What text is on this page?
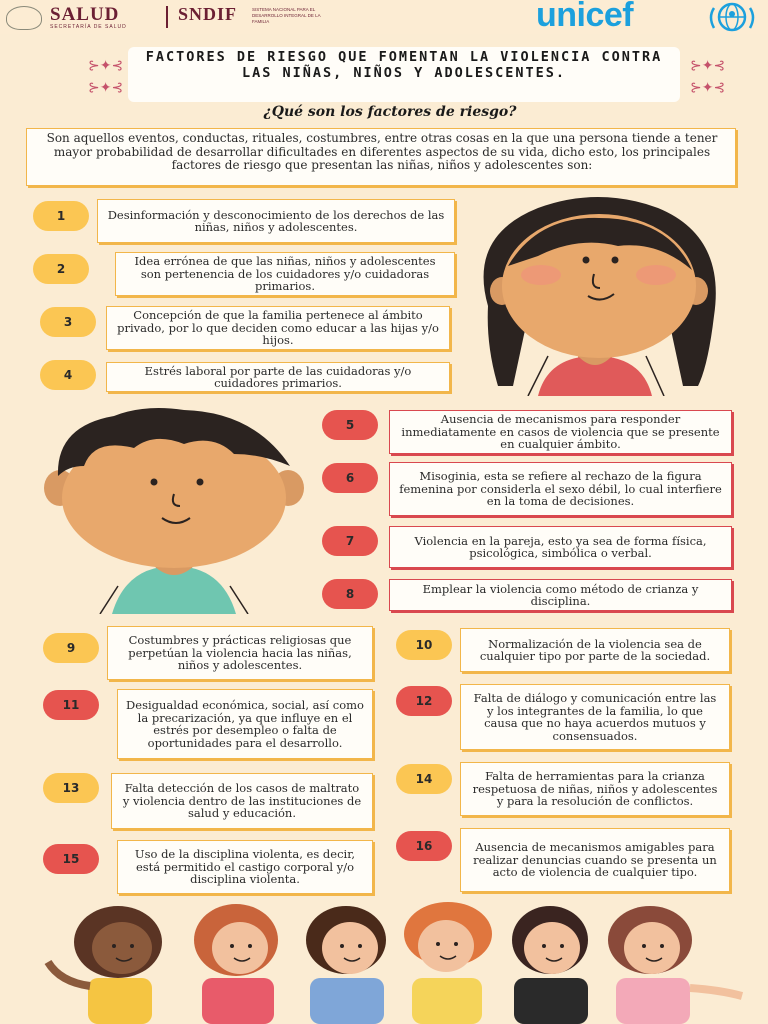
SALUD
SECRETARÍA DE SALUD
SNDIF	SISTEMA NACIONAL PARA EL DESARROLLO INTEGRAL DE LA FAMILIA	unicef
⊱✦⊰
⊱✦⊰
⊱✦⊰
⊱✦⊰
FACTORES DE RIESGO QUE FOMENTAN LA VIOLENCIA CONTRA LAS NIÑAS, NIÑOS Y ADOLESCENTES.
¿Qué son los factores de riesgo?
Son aquellos eventos, conductas, rituales, costumbres, entre otras cosas en la que una persona tiende a tener mayor probabilidad de desarrollar dificultades en diferentes aspectos de su vida, dicho esto, los principales factores de riesgo que presentan las niñas, niños y adolescentes son:
1	Desinformación y desconocimiento de los derechos de las niñas, niños y adolescentes.
2
Idea errónea de que las niñas, niños y adolescentes son pertenencia de los cuidadores y/o cuidadoras primarios.
3	Concepción de que la familia pertenece al ámbito privado, por lo que deciden como educar a las hijas y/o hijos.
4	Estrés laboral por parte de las cuidadoras y/o cuidadores primarios.
5	Ausencia de mecanismos para responder inmediatamente en casos de violencia que se presente en cualquier ámbito.
6	Misoginia, esta se refiere al rechazo de la figura femenina por considerla el sexo débil, lo cual interfiere en la toma de decisiones.
7	Violencia en la pareja, esto ya sea de forma física, psicológica, simbólica o verbal.
8	Emplear la violencia como método de crianza y disciplina.
9
Costumbres y prácticas religiosas que perpetúan la violencia hacia las niñas, niños y adolescentes.
10	Normalización de la violencia sea de cualquier tipo por parte de la sociedad.
11	Desigualdad económica, social, así como la precarización, ya que influye en el estrés por desempleo o falta de oportunidades para el desarrollo.
12	Falta de diálogo y comunicación entre las y los integrantes de la familia, lo que causa que no haya acuerdos mutuos y consensuados.
13	Falta detección de los casos de maltrato y violencia dentro de las instituciones de salud y educación.
14	Falta de herramientas para la crianza respetuosa de niñas, niños y adolescentes y para la resolución de conflictos.
15	Uso de la disciplina violenta, es decir, está permitido el castigo corporal y/o disciplina violenta.
16	Ausencia de mecanismos amigables para realizar denuncias cuando se presenta un acto de violencia de cualquier tipo.
